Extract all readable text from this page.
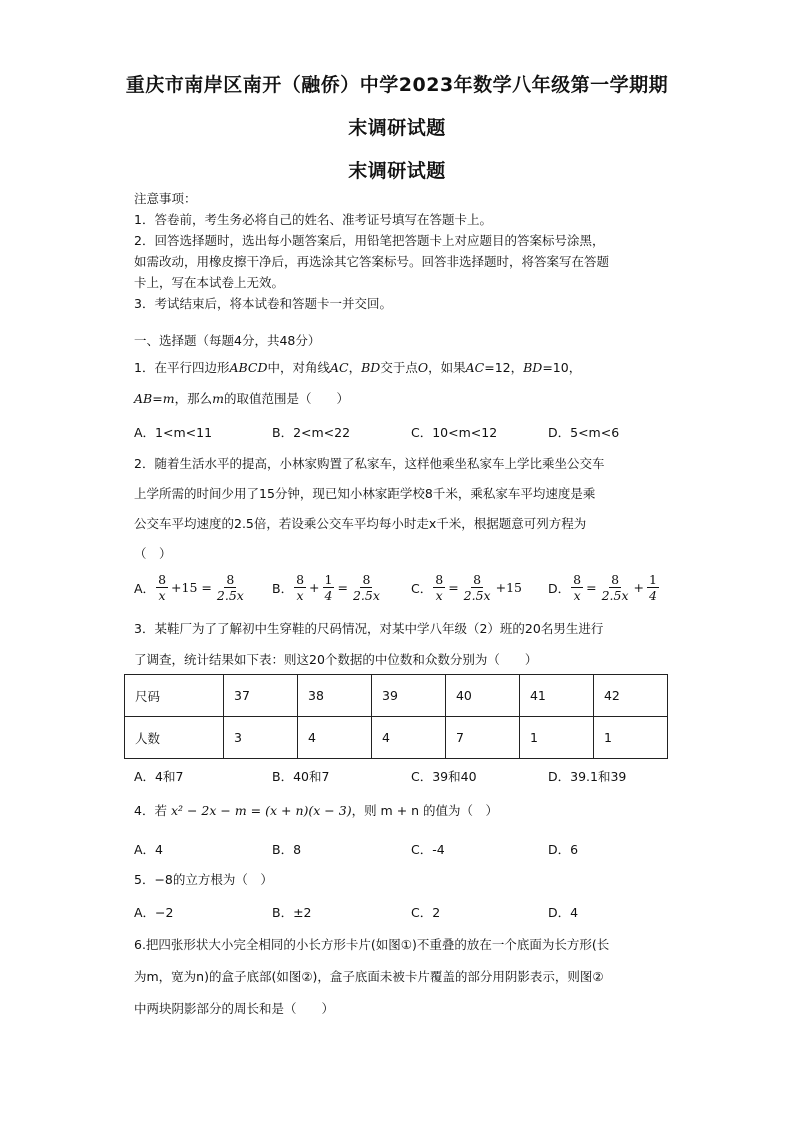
重庆市南岸区南开（融侨）中学2023年数学八年级第一学期期
末调研试题
末调研试题
注意事项：
1．答卷前，考生务必将自己的姓名、准考证号填写在答题卡上。
2．回答选择题时，选出每小题答案后，用铅笔把答题卡上对应题目的答案标号涂黑，
如需改动，用橡皮擦干净后，再选涂其它答案标号。回答非选择题时，将答案写在答题
卡上，写在本试卷上无效。
3．考试结束后，将本试卷和答题卡一并交回。
一、选择题（每题4分，共48分）
1．在平行四边形ABCD中，对角线AC，BD交于点O，如果AC=12，BD=10，
AB=m，那么m的取值范围是（　　）
A．1<m<11	B．2<m<22	C．10<m<12	D．5<m<6
2．随着生活水平的提高，小林家购置了私家车，这样他乘坐私家车上学比乘坐公交车
上学所需的时间少用了15分钟，现已知小林家距学校8千米，乘私家车平均速度是乘
公交车平均速度的2.5倍，若设乘公交车平均每小时走x千米，根据题意可列方程为
（　）
A． $\frac{8}{x} +15 = \frac{8}{2.5x}$ B． $\frac{8}{x} + \frac{1}{4} = \frac{8}{2.5x}$ C． $\frac{8}{x} = \frac{8}{2.5x} +15$ D． $\frac{8}{x} = \frac{8}{2.5x} + \frac{1}{4}$
3．某鞋厂为了了解初中生穿鞋的尺码情况，对某中学八年级（2）班的20名男生进行
了调查，统计结果如下表：则这20个数据的中位数和众数分别为（　　）
尺码	37	38	39	40	41	42
人数	3	4	4	7	1	1
A．4和7	B．40和7	C．39和40	D．39.1和39
4．若 x² − 2x − m = (x + n)(x − 3)，则 m + n 的值为（　）
A．4	B．8	C．-4	D．6
5．−8的立方根为（　）
A．−2	B．±2	C．2	D．4
6.把四张形状大小完全相同的小长方形卡片(如图①)不重叠的放在一个底面为长方形(长
为m，宽为n)的盒子底部(如图②)，盒子底面未被卡片覆盖的部分用阴影表示，则图②
中两块阴影部分的周长和是（　　）
